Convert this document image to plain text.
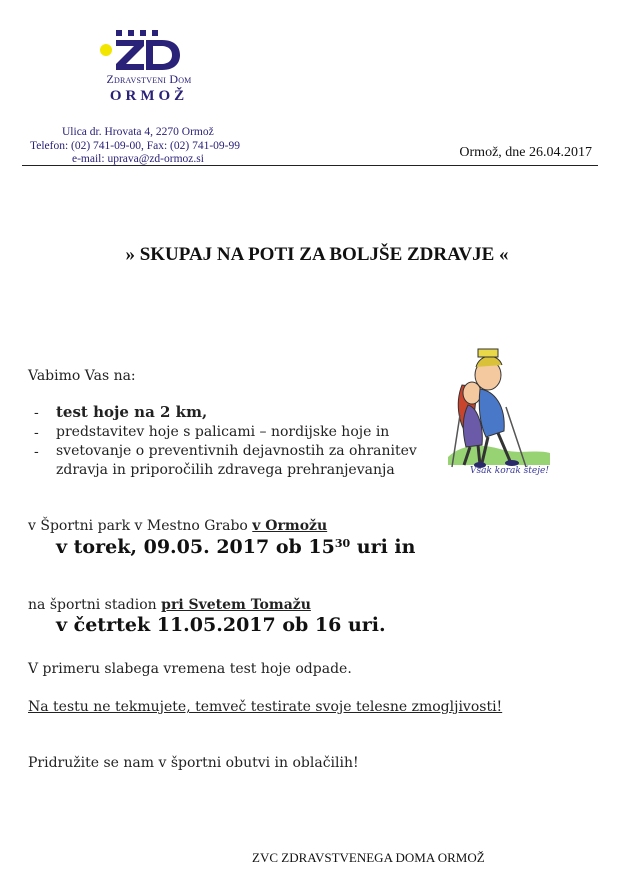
Zdravstveni Dom
ORMOŽ
Ulica dr. Hrovata 4, 2270 Ormož
Telefon: (02) 741-09-00, Fax: (02) 741-09-99
e-mail: uprava@zd-ormoz.si	Ormož, dne 26.04.2017
» SKUPAJ NA POTI ZA BOLJŠE ZDRAVJE «
Vabimo Vas na:
- test hoje na 2 km,
- predstavitev hoje s palicami – nordijske hoje in
- svetovanje o preventivnih dejavnostih za ohranitev
zdravja in priporočilih zdravega prehranjevanja	Vsak korak šteje!
v Športni park v Mestno Grabo v Ormožu
v torek, 09.05. 2017 ob $15^{30}$ uri in
na športni stadion pri Svetem Tomažu
v četrtek 11.05.2017 ob 16 uri.
V primeru slabega vremena test hoje odpade.
Na testu ne tekmujete, temveč testirate svoje telesne zmogljivosti!
Pridružite se nam v športni obutvi in oblačilih!
ZVC ZDRAVSTVENEGA DOMA ORMOŽ
